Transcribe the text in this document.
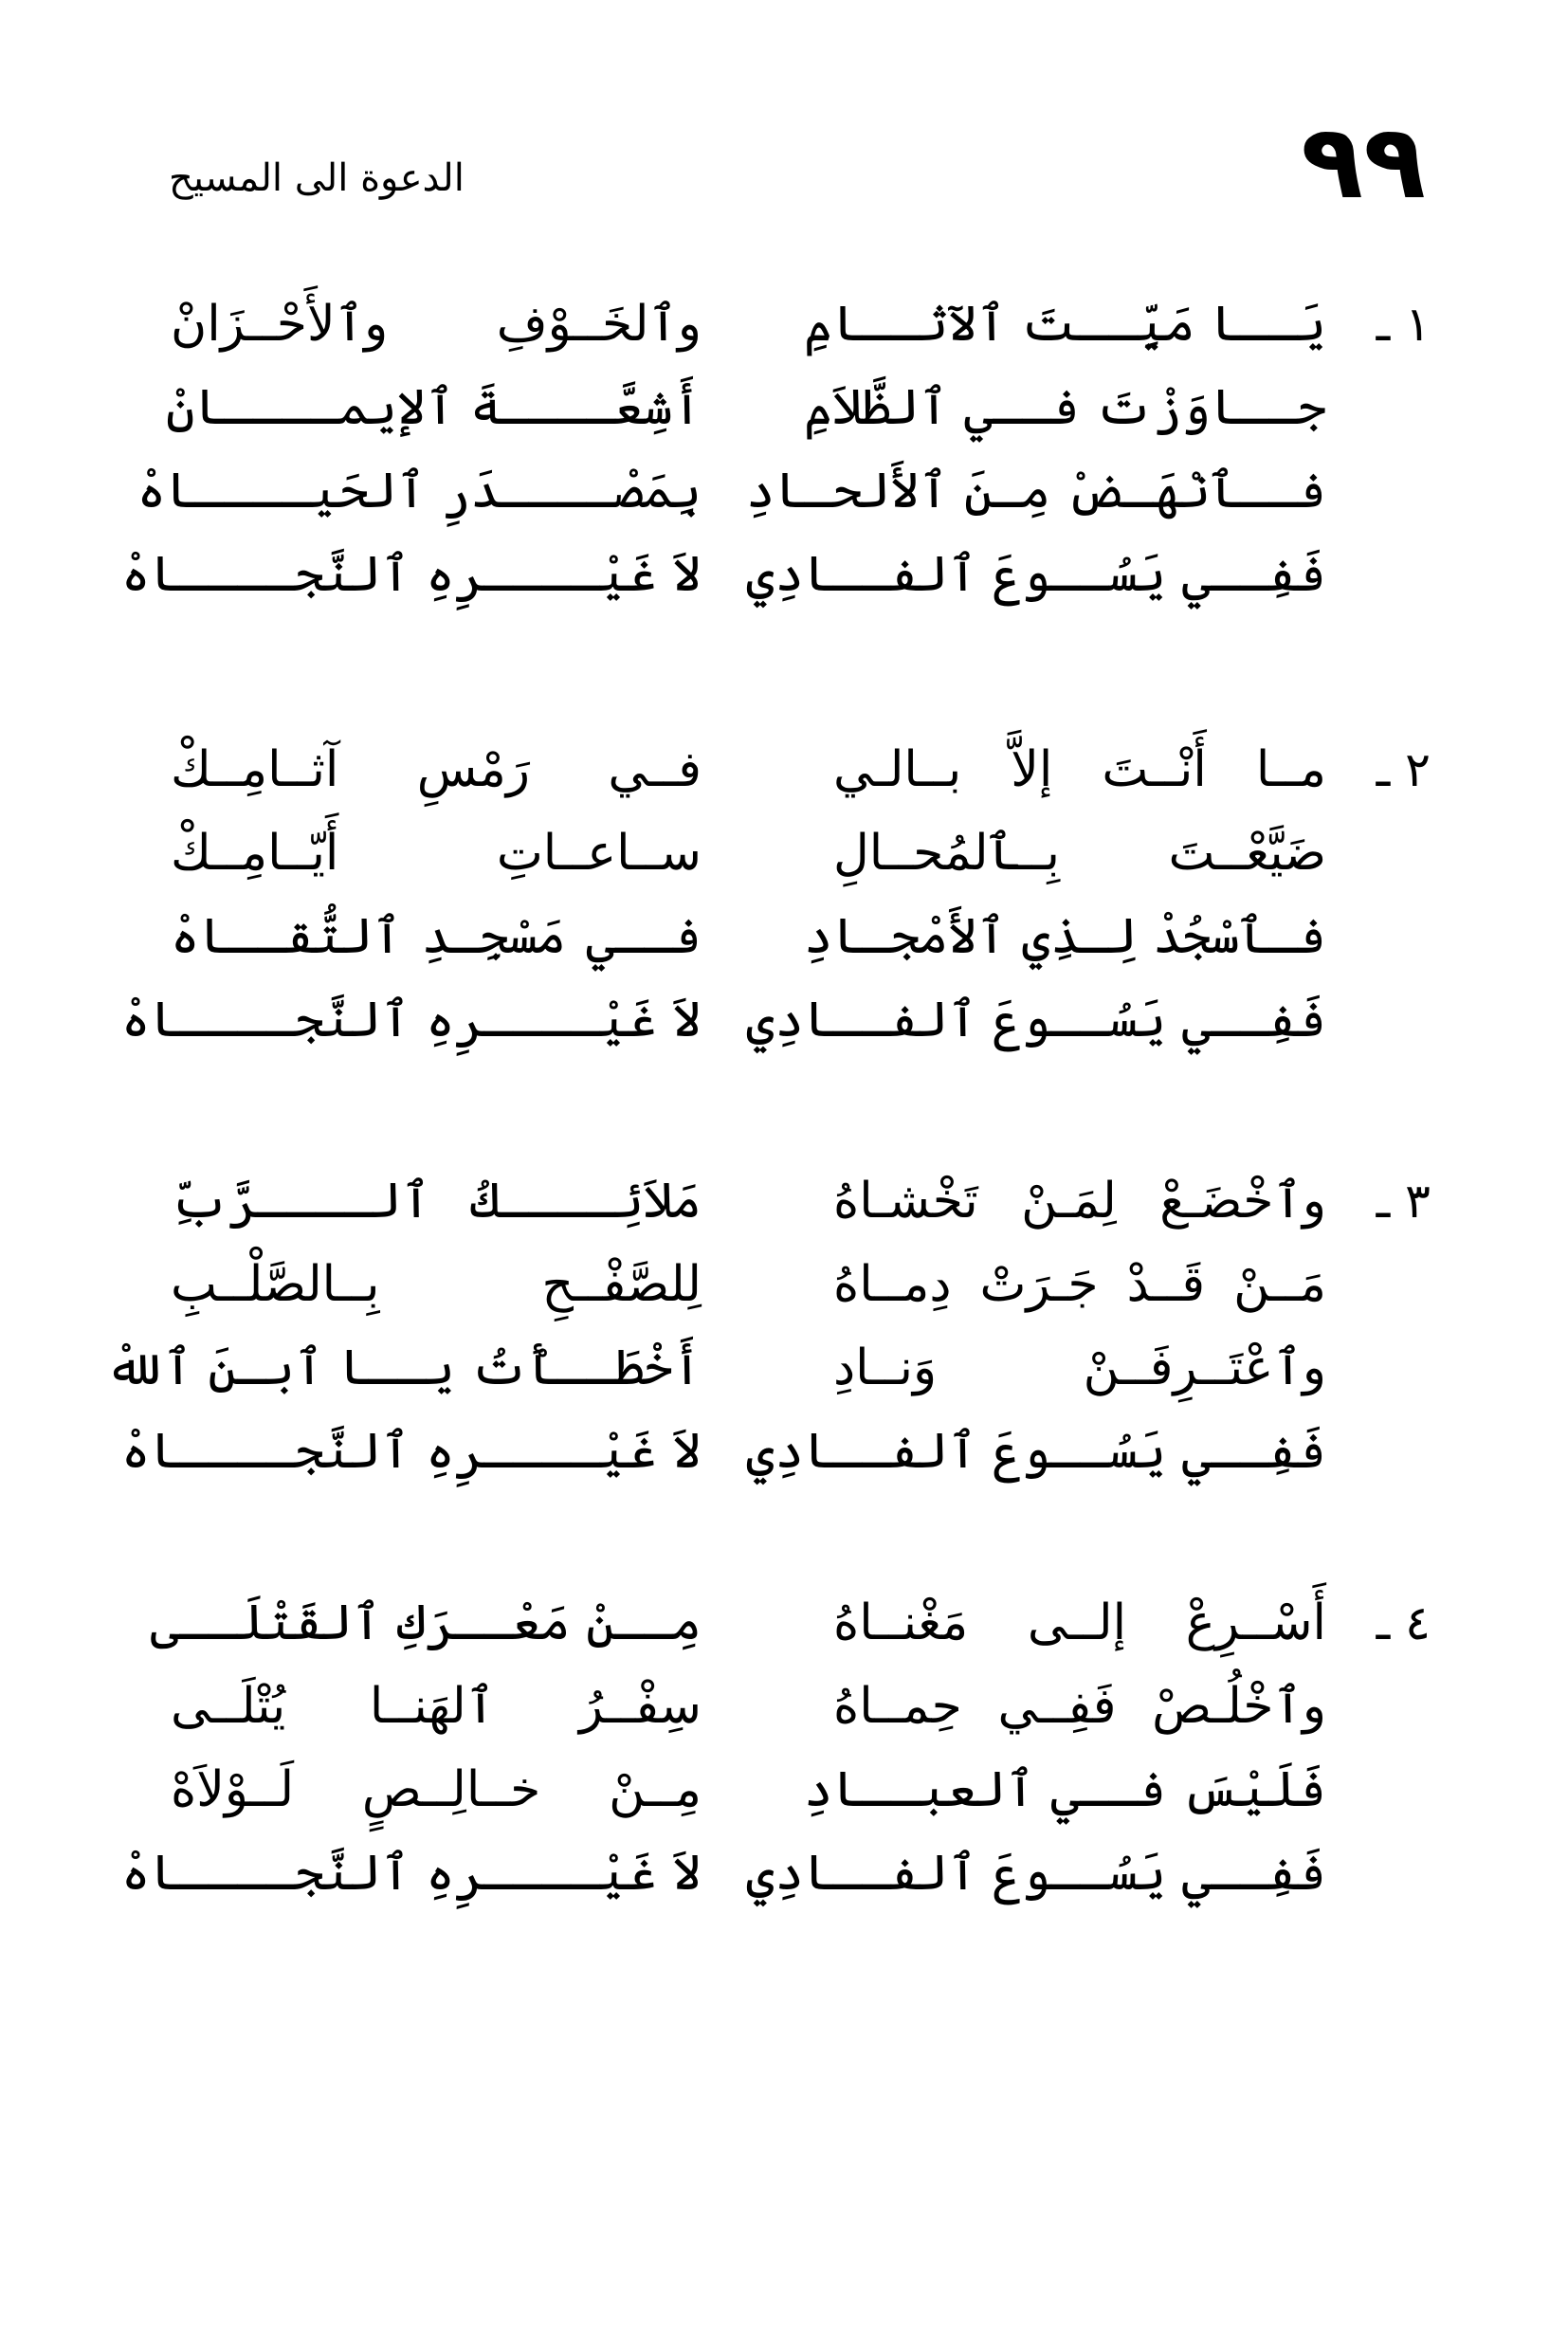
٩٩
الدعوة الى المسيح
١ ـ
يَــا مَيِّــتَ ٱلآثــامِ
وٱلخَــوْفِ وٱلأَحْــزَانْ
جــاوَزْتَ فــي ٱلظَّلاَمِ
أَشِعَّــــةَ ٱلإيمــــانْ
فــٱنْهَـضْ مِـنَ ٱلأَلحـادِ
بِمَصْــــدَرِ ٱلحَيــــاهْ
فَفِــي يَسُــوعَ ٱلفــادِي
لاَ غَيْــــرِهِ ٱلنَّجــــاهْ
٢ ـ
مــا أَنْــتَ إلاَّ بــالـي
فــي رَمْسِ آثــامِــكْ
ضَيَّعْــتَ بِــٱلمُحــالِ
ســاعــاتِ أَيّــامِــكْ
فـٱسْجُدْ لِـذِي ٱلأَمْجـادِ
فــي مَسْجِـدِ ٱلتُّقــاهْ
فَفِــي يَسُــوعَ ٱلفــادِي
لاَ غَيْــــرِهِ ٱلنَّجــــاهْ
٣ ـ
وٱخْضَـعْ لِمَـنْ تَخْشـاهُ
مَلاَئِــــكُ ٱلــــرَّبِّ
مَــنْ قَــدْ جَـرَتْ دِمــاهُ
لِلصَّفْــحِ بِــالصَّلْــبِ
وٱعْتَــرِفَــنْ وَنــادِ
أَخْطَــأْتُ يــا ٱبـنَ ٱللهْ
فَفِــي يَسُــوعَ ٱلفــادِي
لاَ غَيْــــرِهِ ٱلنَّجــــاهْ
٤ ـ
أَسْــرِعْ إلــى مَغْنــاهُ
مِــنْ مَعْــرَكِ ٱلقَتْلَــى
وٱخْلُـصْ فَفِــي حِمــاهُ
سِفْــرُ ٱلهَنــا يُتْلَــى
فَلَيْسَ فــي ٱلعبــادِ
مِــنْ خــالِــصٍ لَــوْلاَهْ
فَفِــي يَسُــوعَ ٱلفــادِي
لاَ غَيْــــرِهِ ٱلنَّجــــاهْ
